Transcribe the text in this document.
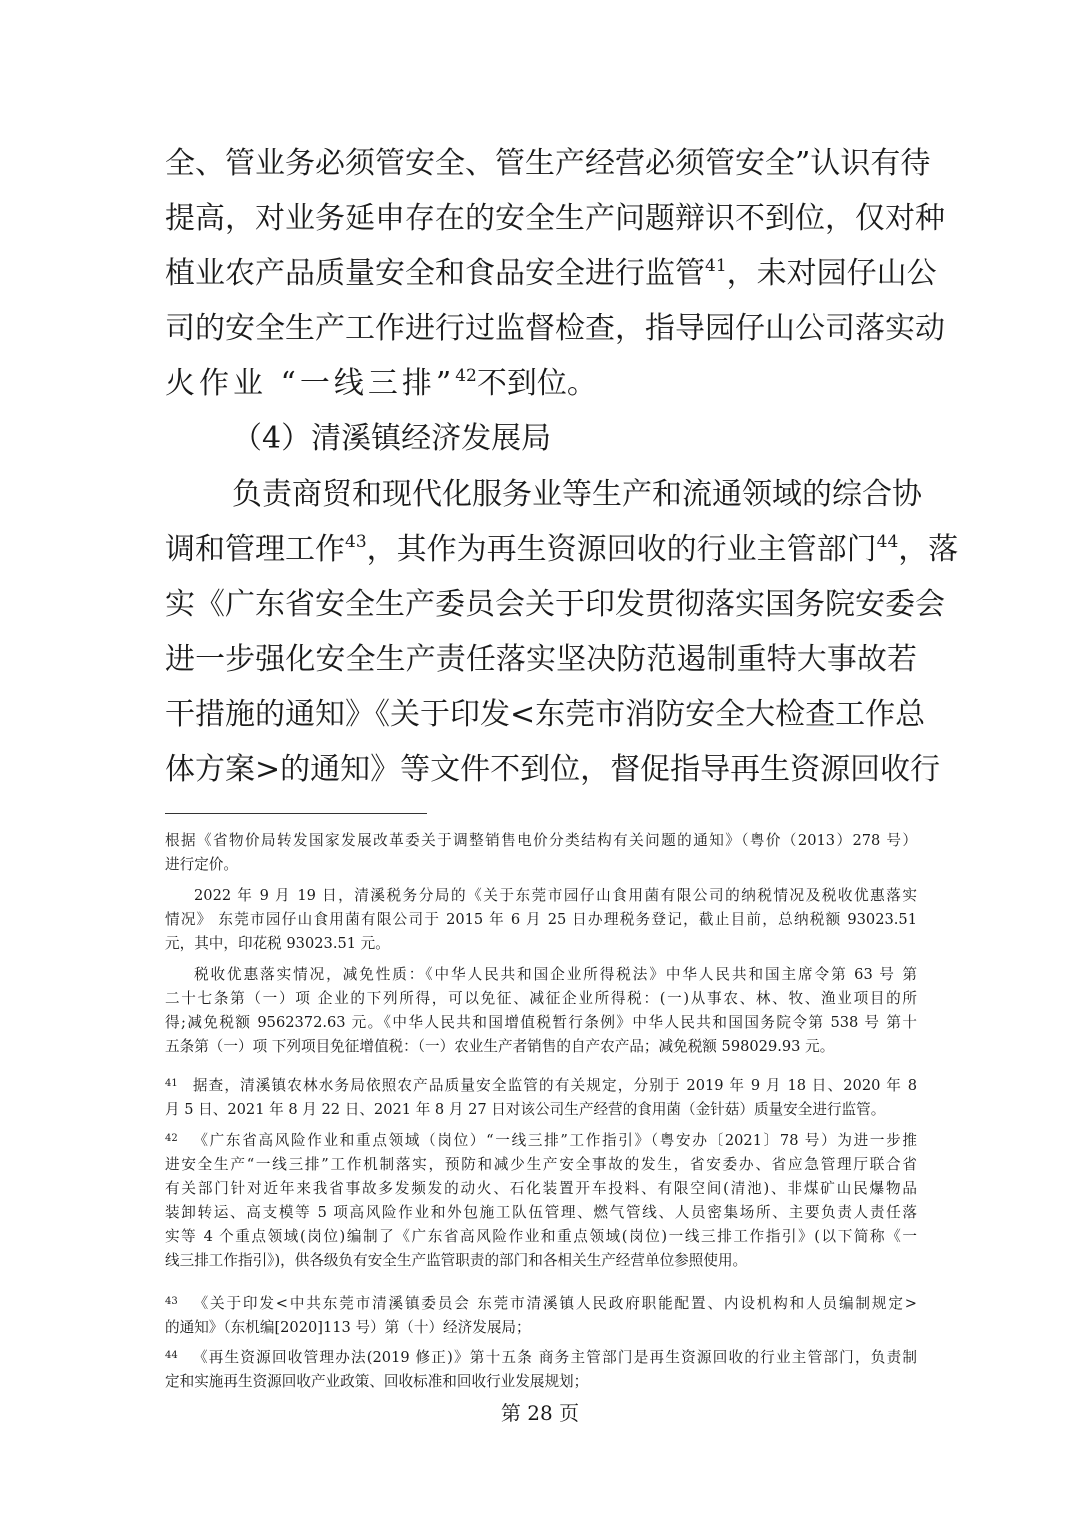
全、管业务必须管安全、管生产经营必须管安全”认识有待
提高，对业务延申存在的安全生产问题辩识不到位，仅对种
植业农产品质量安全和食品安全进行监管$^{41}$，未对园仔山公
司的安全生产工作进行过监督检查，指导园仔山公司落实动
火作业 “一线三排”$^{42}$不到位。
（4）清溪镇经济发展局
负责商贸和现代化服务业等生产和流通领域的综合协
调和管理工作$^{43}$，其作为再生资源回收的行业主管部门$^{44}$，落
实《广东省安全生产委员会关于印发贯彻落实国务院安委会
进一步强化安全生产责任落实坚决防范遏制重特大事故若
干措施的通知》《关于印发<东莞市消防安全大检查工作总
体方案>的通知》等文件不到位，督促指导再生资源回收行
根据《省物价局转发国家发展改革委关于调整销售电价分类结构有关问题的通知》（粤价（2013）278 号）
进行定价。
2022 年 9 月 19 日，清溪税务分局的《关于东莞市园仔山食用菌有限公司的纳税情况及税收优惠落实
情况》 东莞市园仔山食用菌有限公司于 2015 年 6 月 25 日办理税务登记，截止目前，总纳税额 93023.51
元，其中，印花税 93023.51 元。
税收优惠落实情况，减免性质：《中华人民共和国企业所得税法》中华人民共和国主席令第 63 号 第
二十七条第（一）项 企业的下列所得，可以免征、减征企业所得税：(一)从事农、林、牧、渔业项目的所
得;减免税额 9562372.63 元。《中华人民共和国增值税暂行条例》中华人民共和国国务院令第 538 号 第十
五条第（一）项 下列项目免征增值税：（一）农业生产者销售的自产农产品；减免税额 598029.93 元。
$^{41}$ 据查，清溪镇农林水务局依照农产品质量安全监管的有关规定，分别于 2019 年 9 月 18 日、2020 年 8
月 5 日、2021 年 8 月 22 日、2021 年 8 月 27 日对该公司生产经营的食用菌（金针菇）质量安全进行监管。
$^{42}$ 《广东省高风险作业和重点领域（岗位）“一线三排”工作指引》（粤安办〔2021〕78 号）为进一步推
进安全生产“一线三排”工作机制落实，预防和减少生产安全事故的发生，省安委办、省应急管理厅联合省
有关部门针对近年来我省事故多发频发的动火、石化装置开车投料、有限空间(清池)、非煤矿山民爆物品
装卸转运、高支模等 5 项高风险作业和外包施工队伍管理、燃气管线、人员密集场所、主要负责人责任落
实等 4 个重点领域(岗位)编制了《广东省高风险作业和重点领域(岗位)一线三排工作指引》(以下简称《一
线三排工作指引》)，供各级负有安全生产监管职责的部门和各相关生产经营单位参照使用。
$^{43}$ 《关于印发<中共东莞市清溪镇委员会 东莞市清溪镇人民政府职能配置、内设机构和人员编制规定>
的通知》（东机编[2020]113 号）第（十）经济发展局；
$^{44}$ 《再生资源回收管理办法(2019 修正)》第十五条 商务主管部门是再生资源回收的行业主管部门，负责制
定和实施再生资源回收产业政策、回收标准和回收行业发展规划；
第 28 页
